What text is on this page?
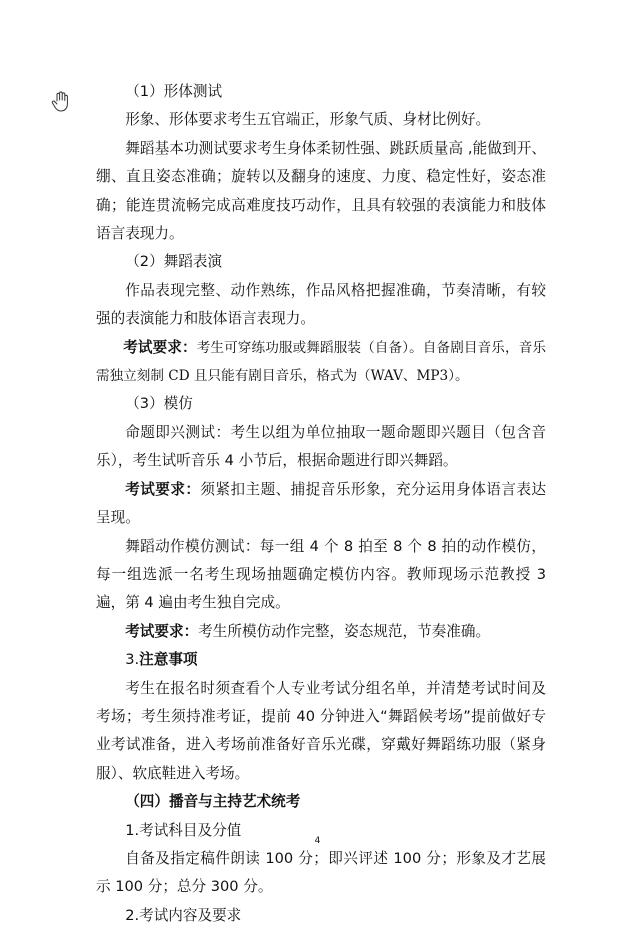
（1）形体测试

形象、形体要求考生五官端正，形象气质、身材比例好。

舞蹈基本功测试要求考生身体柔韧性强、跳跃质量高 ,能做到开、绷、直且姿态准确；旋转以及翻身的速度、力度、稳定性好，姿态准确；能连贯流畅完成高难度技巧动作，且具有较强的表演能力和肢体语言表现力。

（2）舞蹈表演

作品表现完整、动作熟练，作品风格把握准确，节奏清晰，有较强的表演能力和肢体语言表现力。

考试要求：考生可穿练功服或舞蹈服装（自备）。自备剧目音乐，音乐需独立刻制 CD 且只能有剧目音乐，格式为（WAV、MP3）。

（3）模仿

命题即兴测试：考生以组为单位抽取一题命题即兴题目（包含音乐），考生试听音乐 4 小节后，根据命题进行即兴舞蹈。

考试要求：须紧扣主题、捕捉音乐形象，充分运用身体语言表达呈现。

舞蹈动作模仿测试：每一组 4 个 8 拍至 8 个 8 拍的动作模仿，每一组选派一名考生现场抽题确定模仿内容。教师现场示范教授 3 遍，第 4 遍由考生独自完成。

考试要求：考生所模仿动作完整，姿态规范，节奏准确。

3.注意事项

考生在报名时须查看个人专业考试分组名单，并清楚考试时间及考场；考生须持准考证，提前 40 分钟进入“舞蹈候考场”提前做好专业考试准备，进入考场前准备好音乐光碟，穿戴好舞蹈练功服（紧身服）、软底鞋进入考场。

（四）播音与主持艺术统考

1.考试科目及分值

自备及指定稿件朗读 100 分；即兴评述 100 分；形象及才艺展示 100 分；总分 300 分。

2.考试内容及要求

4
